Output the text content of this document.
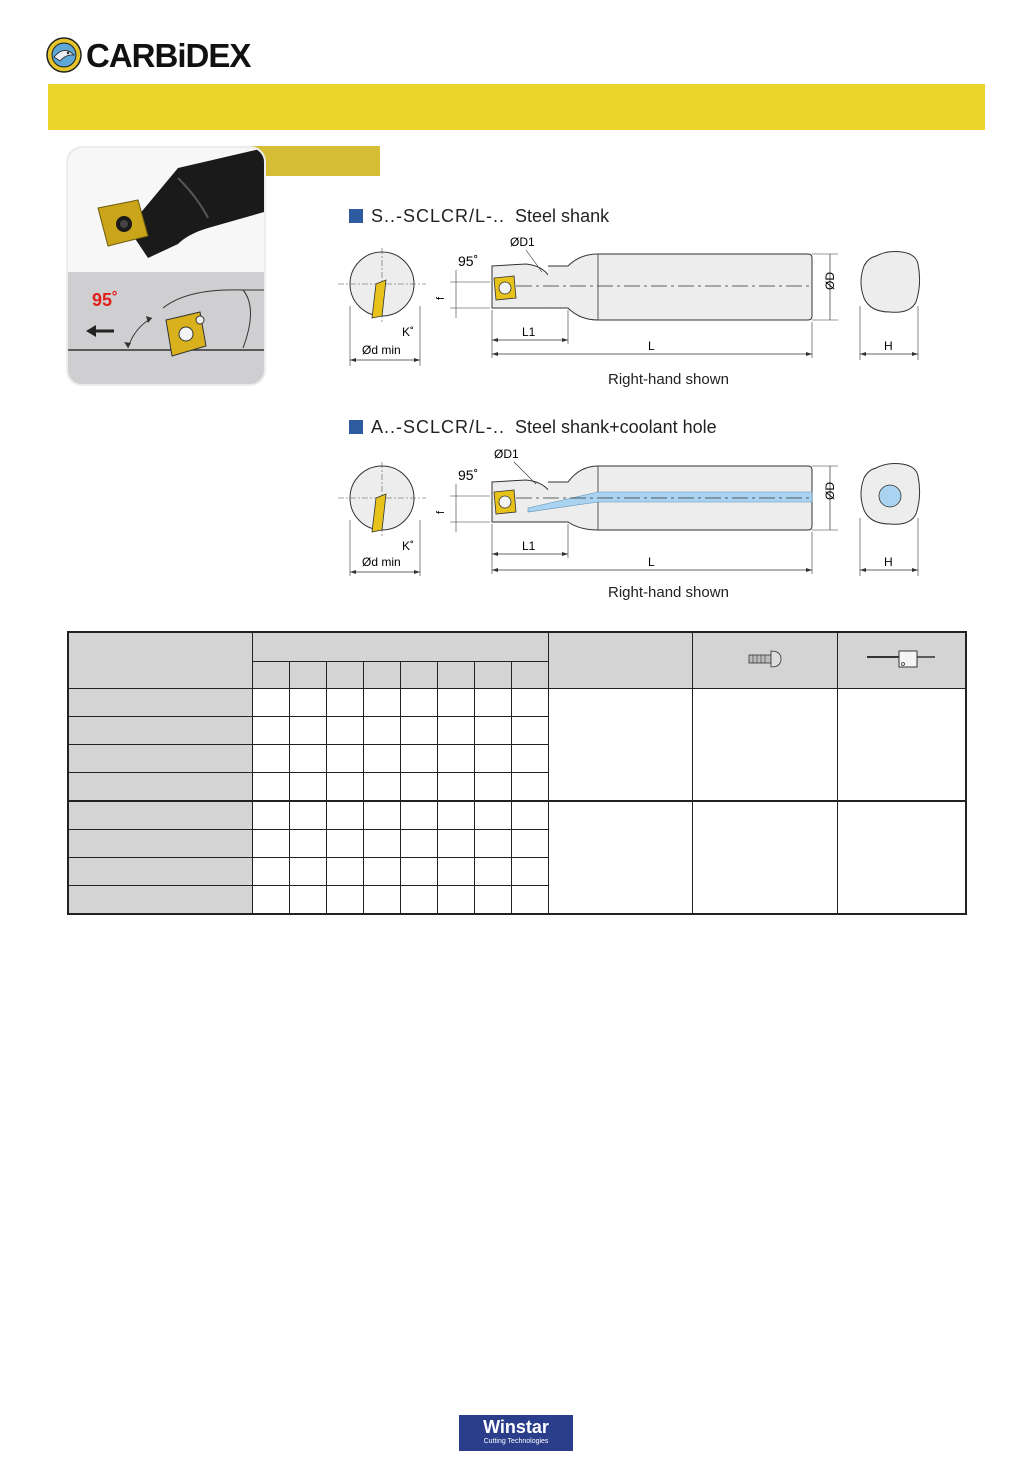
CARBiDEX
95˚
S..-SCLCR/L-.. Steel shank
Ød min
K˚
95˚
f
ØD1
ØD
L1
L	H
Right-hand shown
A..-SCLCR/L-.. Steel shank+coolant hole
Ød min
K˚
95˚
f
ØD1
ØD
L1
L	H
Right-hand shown

Winstar
Cutting Technologies
